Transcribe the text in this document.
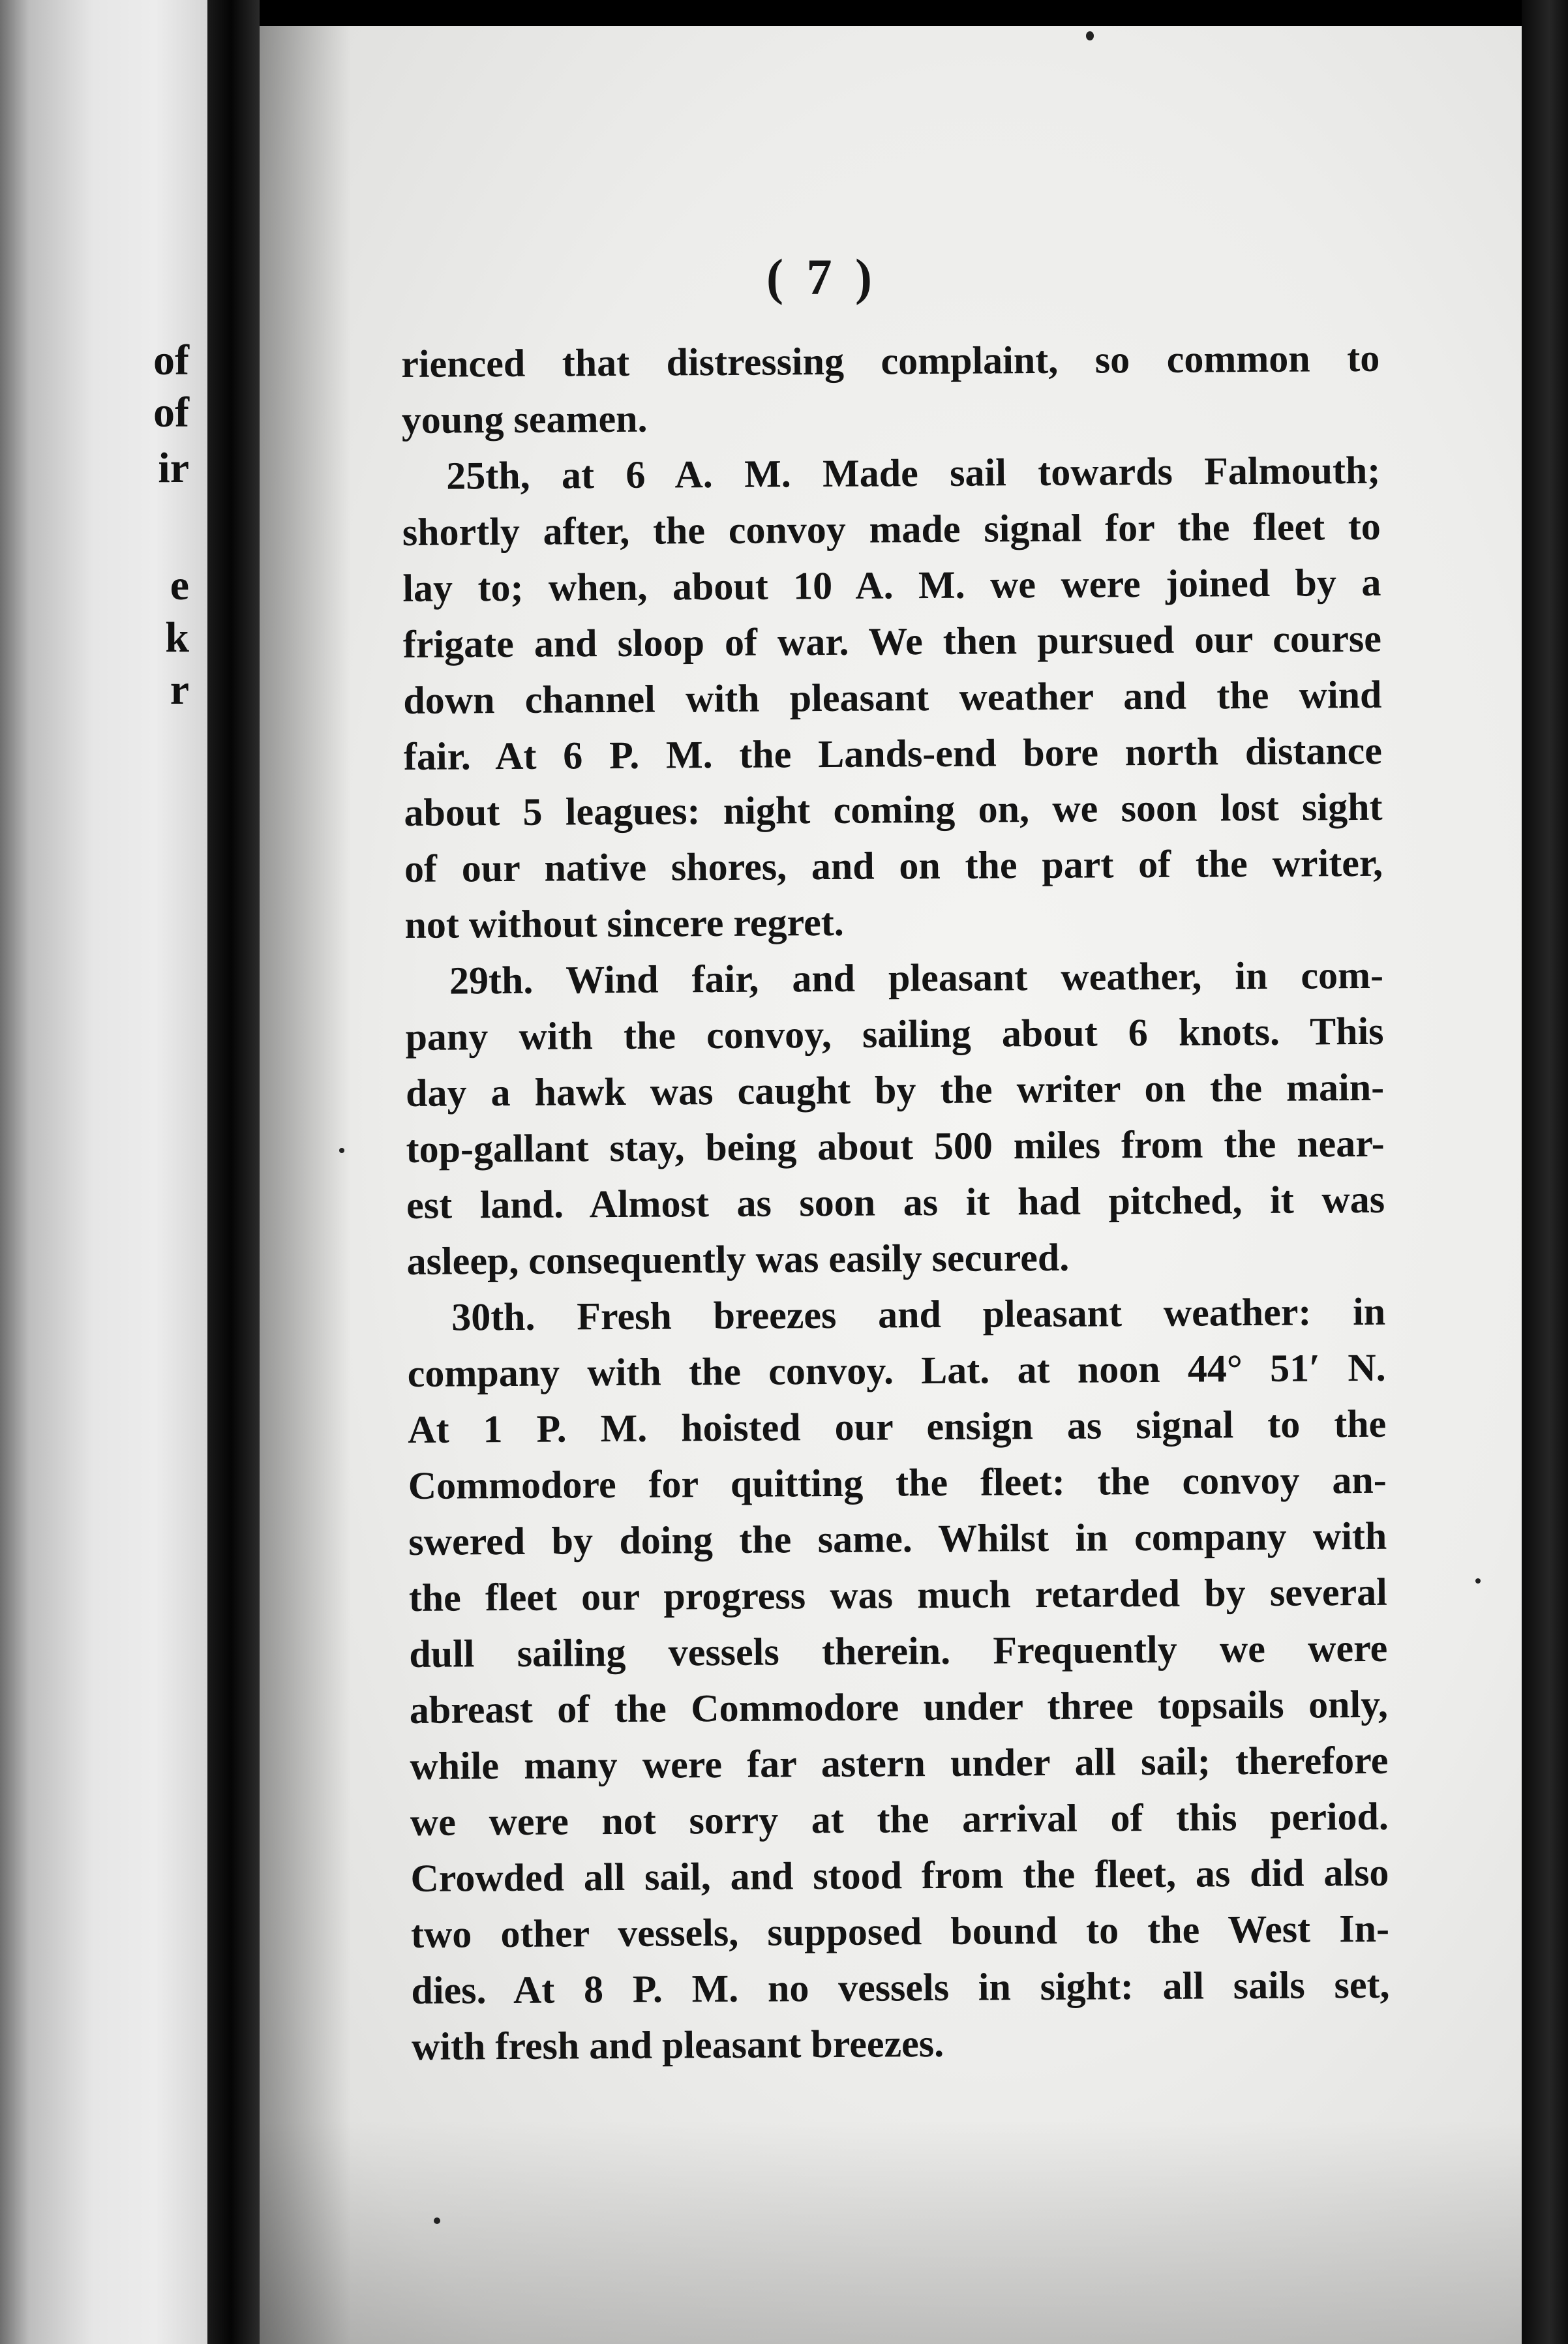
of
of
ir
e
k
r
( 7 )
rienced that distressing complaint, so common to
young seamen.
25th, at 6 A. M. Made sail towards Falmouth;
shortly after, the convoy made signal for the fleet to
lay to; when, about 10 A. M. we were joined by a
frigate and sloop of war. We then pursued our course
down channel with pleasant weather and the wind
fair. At 6 P. M. the Lands-end bore north distance
about 5 leagues: night coming on, we soon lost sight
of our native shores, and on the part of the writer,
not without sincere regret.
29th. Wind fair, and pleasant weather, in com-
pany with the convoy, sailing about 6 knots. This
day a hawk was caught by the writer on the main-
top-gallant stay, being about 500 miles from the near-
est land. Almost as soon as it had pitched, it was
asleep, consequently was easily secured.
30th. Fresh breezes and pleasant weather: in
company with the convoy. Lat. at noon 44° 51′ N.
At 1 P. M. hoisted our ensign as signal to the
Commodore for quitting the fleet: the convoy an-
swered by doing the same. Whilst in company with
the fleet our progress was much retarded by several
dull sailing vessels therein. Frequently we were
abreast of the Commodore under three topsails only,
while many were far astern under all sail; therefore
we were not sorry at the arrival of this period.
Crowded all sail, and stood from the fleet, as did also
two other vessels, supposed bound to the West In-
dies. At 8 P. M. no vessels in sight: all sails set,
with fresh and pleasant breezes.
